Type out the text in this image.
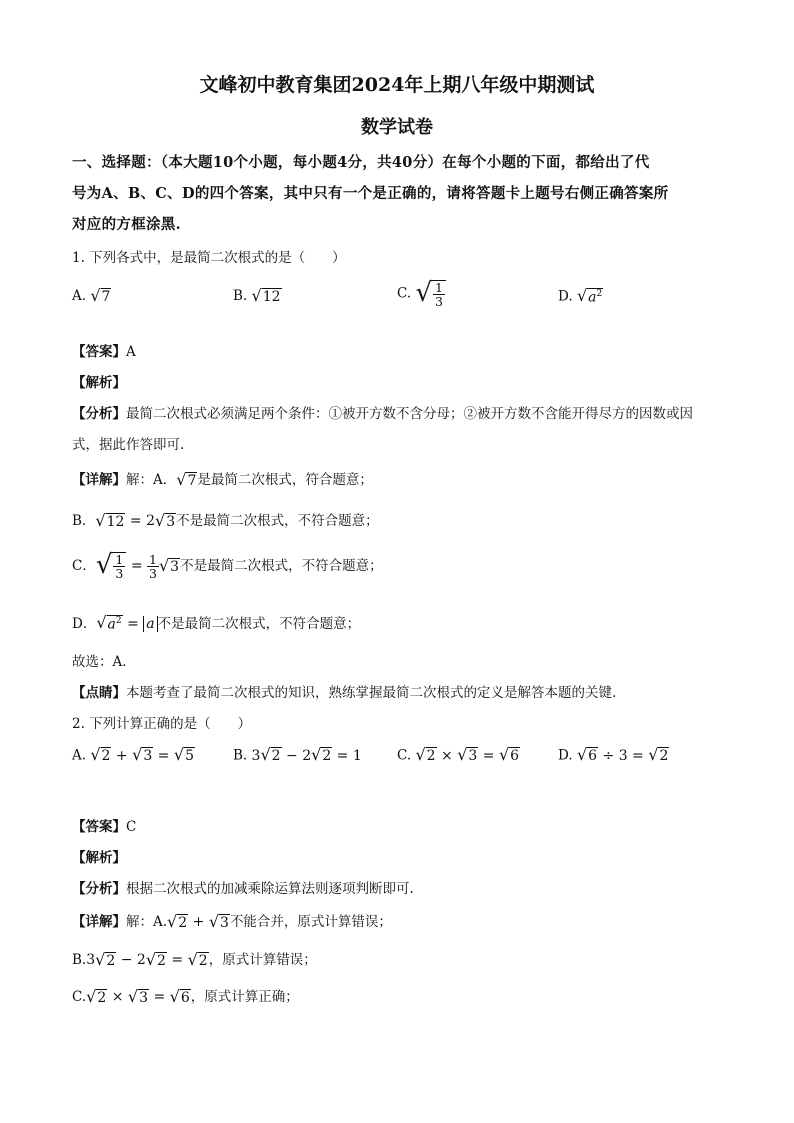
文峰初中教育集团2024年上期八年级中期测试
数学试卷
一、选择题：（本大题10个小题，每小题4分，共40分）在每个小题的下面，都给出了代
号为A、B、C、D的四个答案，其中只有一个是正确的，请将答题卡上题号右侧正确答案所
对应的方框涂黑.
1. 下列各式中，是最简二次根式的是（　　）
A. √ 7	B. √ 12	C. √ $\frac{1}{3}$	D. √ $a^2$
【答案】A
【解析】
【分析】最简二次根式必须满足两个条件：①被开方数不含分母；②被开方数不含能开得尽方的因数或因
式，据此作答即可.
【详解】解：A． √ 7 是最简二次根式，符合题意；
B． √ 12 = 2 √ 3 不是最简二次根式，不符合题意；
C． √ $\frac{1}{3} = \frac{1}{3}$ √ 3 不是最简二次根式，不符合题意；
D． √ $a^2 = a$ 不是最简二次根式，不符合题意；
故选：A．
【点睛】本题考查了最简二次根式的知识，熟练掌握最简二次根式的定义是解答本题的关键.
2. 下列计算正确的是（　　）
A. √ 2 + √ 3 = √ 5	B. 3 √ 2 − 2 √ 2 = 1	C. √ 2 × √ 3 = √ 6	D. √ 6 ÷ 3 = √ 2
【答案】C
【解析】
【分析】根据二次根式的加减乘除运算法则逐项判断即可.
【详解】解：A. √ 2 + √ 3 不能合并，原式计算错误；
B.3 √ 2 − 2 √ 2 = √ 2 ，原式计算错误；
C. √ 2 × √ 3 = √ 6 ，原式计算正确；
